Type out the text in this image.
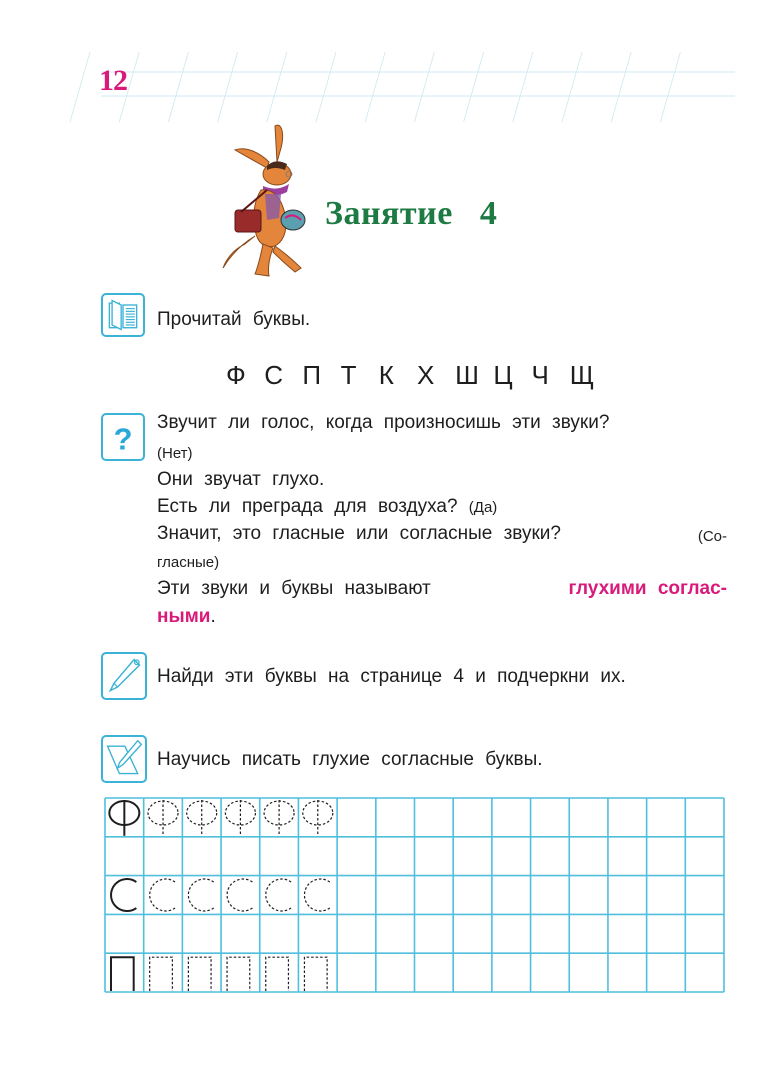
12
Занятие   4
Прочитай буквы.
Ф С П Т К Х Ш Ц Ч Щ
? Звучит ли голос, когда произносишь эти звуки?
(Нет)
Они звучат глухо.
Есть ли преграда для воздуха? (Да)
Значит, это гласные или согласные звуки?	(Со-
гласные)
Эти звуки и буквы называют	глухими соглас-
ными.
Найди эти буквы на странице 4 и подчеркни их.
Научись писать глухие согласные буквы.
